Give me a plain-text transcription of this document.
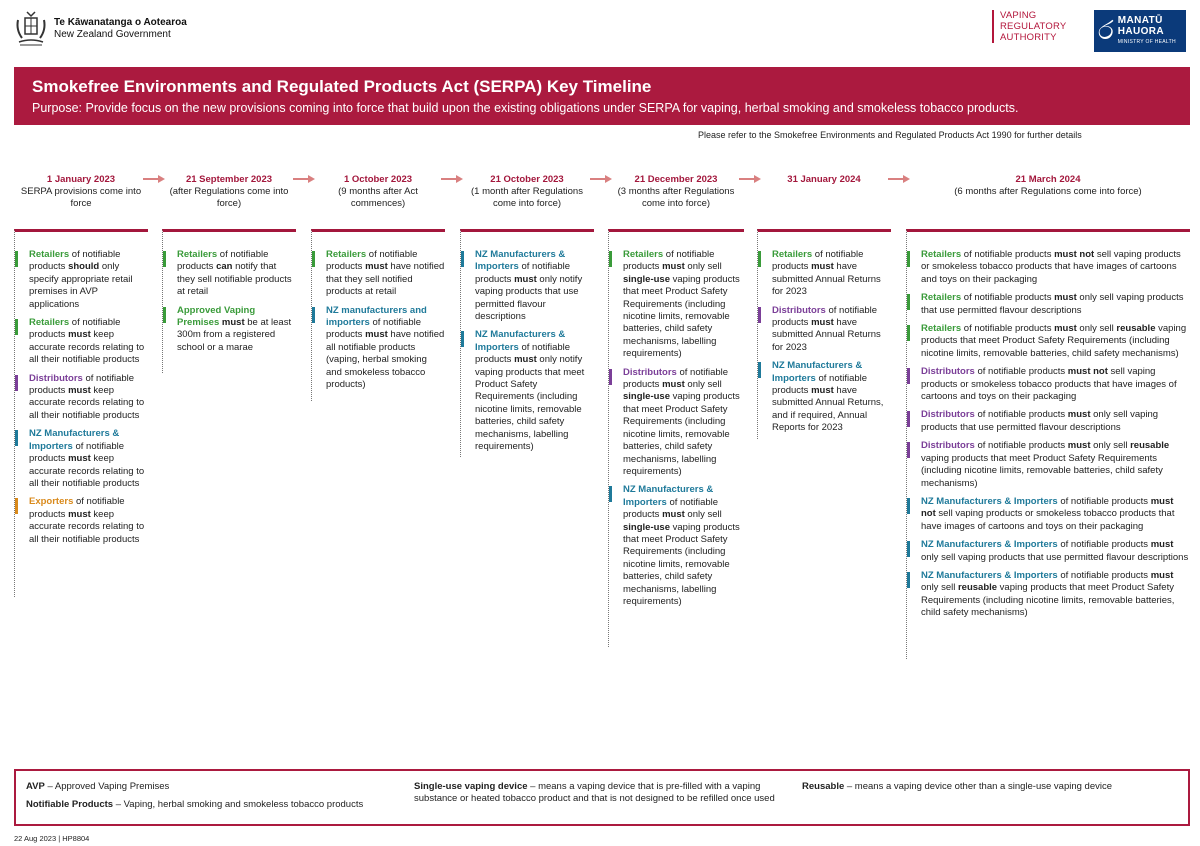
Te Kāwanatanga o Aotearoa
New Zealand Government
VAPING
REGULATORY
AUTHORITY	ර MANATŪ
HAUORA
MINISTRY OF HEALTH
Smokefree Environments and Regulated Products Act (SERPA) Key Timeline
Purpose: Provide focus on the new provisions coming into force that build upon the existing obligations under SERPA for vaping, herbal smoking and smokeless tobacco products.
Please refer to the Smokefree Environments and Regulated Products Act 1990 for further details
1 January 2023
SERPA provisions come into force
21 September 2023
(after Regulations come into force)
1 October 2023
(9 months after Act commences)
21 October 2023
(1 month after Regulations come into force)
21 December 2023
(3 months after Regulations come into force)
31 January 2024	21 March 2024
(6 months after Regulations come into force)
Retailers of notifiable products should only specify appropriate retail premises in AVP applications
Retailers of notifiable products must keep accurate records relating to all their notifiable products
Distributors of notifiable products must keep accurate records relating to all their notifiable products
NZ Manufacturers & Importers of notifiable products must keep accurate records relating to all their notifiable products
Exporters of notifiable products must keep accurate records relating to all their notifiable products
Retailers of notifiable products can notify that they sell notifiable products at retail
Approved Vaping Premises must be at least 300m from a registered school or a marae
Retailers of notifiable products must have notified that they sell notified products at retail
NZ manufacturers and importers of notifiable products must have notified all notifiable products (vaping, herbal smoking and smokeless tobacco products)
NZ Manufacturers & Importers of notifiable products must only notify vaping products that use permitted flavour descriptions
NZ Manufacturers & Importers of notifiable products must only notify vaping products that meet Product Safety Requirements (including nicotine limits, removable batteries, child safety mechanisms, labelling requirements)
Retailers of notifiable products must only sell single-use vaping products that meet Product Safety Requirements (including nicotine limits, removable batteries, child safety mechanisms, labelling requirements)
Distributors of notifiable products must only sell single-use vaping products that meet Product Safety Requirements (including nicotine limits, removable batteries, child safety mechanisms, labelling requirements)
NZ Manufacturers & Importers of notifiable products must only sell single-use vaping products that meet Product Safety Requirements (including nicotine limits, removable batteries, child safety mechanisms, labelling requirements)
Retailers of notifiable products must have submitted Annual Returns for 2023
Distributors of notifiable products must have submitted Annual Returns for 2023
NZ Manufacturers & Importers of notifiable products must have submitted Annual Returns, and if required, Annual Reports for 2023
Retailers of notifiable products must not sell vaping products or smokeless tobacco products that have images of cartoons and toys on their packaging
Retailers of notifiable products must only sell vaping products that use permitted flavour descriptions
Retailers of notifiable products must only sell reusable vaping products that meet Product Safety Requirements (including nicotine limits, removable batteries, child safety mechanisms)
Distributors of notifiable products must not sell vaping products or smokeless tobacco products that have images of cartoons and toys on their packaging
Distributors of notifiable products must only sell vaping products that use permitted flavour descriptions
Distributors of notifiable products must only sell reusable vaping products that meet Product Safety Requirements (including nicotine limits, removable batteries, child safety mechanisms)
NZ Manufacturers & Importers of notifiable products must not sell vaping products or smokeless tobacco products that have images of cartoons and toys on their packaging
NZ Manufacturers & Importers of notifiable products must only sell vaping products that use permitted flavour descriptions
NZ Manufacturers & Importers of notifiable products must only sell reusable vaping products that meet Product Safety Requirements (including nicotine limits, removable batteries, child safety mechanisms)
AVP – Approved Vaping Premises
Notifiable Products – Vaping, herbal smoking and smokeless tobacco products
Single-use vaping device – means a vaping device that is pre-filled with a vaping substance or heated tobacco product and that is not designed to be refilled once used
Reusable – means a vaping device other than a single-use vaping device
22 Aug 2023 | HP8804
